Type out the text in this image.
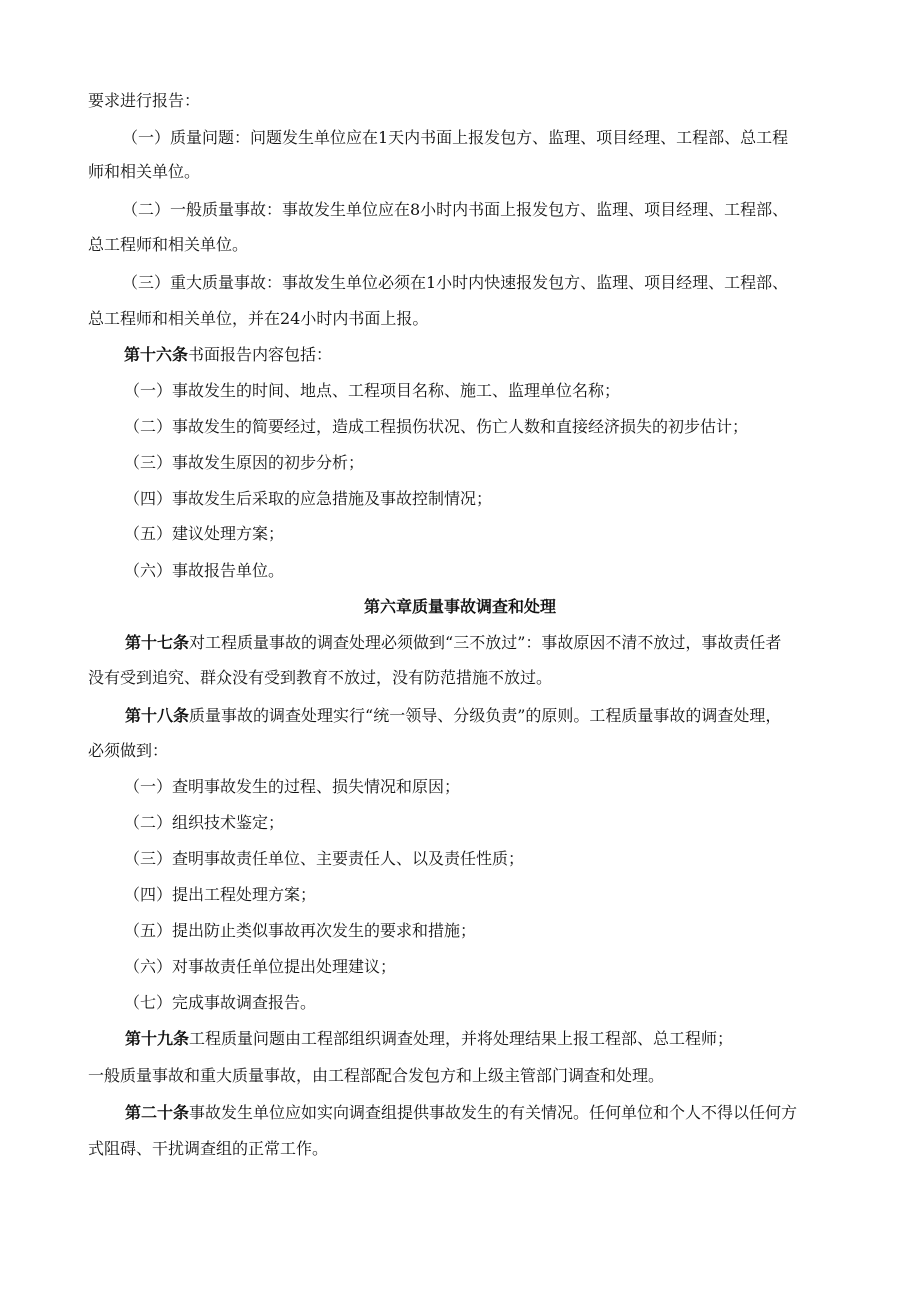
要求进行报告：
（一）质量问题：问题发生单位应在1天内书面上报发包方、监理、项目经理、工程部、总工程
师和相关单位。
（二）一般质量事故：事故发生单位应在8小时内书面上报发包方、监理、项目经理、工程部、
总工程师和相关单位。
（三）重大质量事故：事故发生单位必须在1小时内快速报发包方、监理、项目经理、工程部、
总工程师和相关单位，并在24小时内书面上报。
第十六条书面报告内容包括：
（一）事故发生的时间、地点、工程项目名称、施工、监理单位名称；
（二）事故发生的简要经过，造成工程损伤状况、伤亡人数和直接经济损失的初步估计；
（三）事故发生原因的初步分析；
（四）事故发生后采取的应急措施及事故控制情况；
（五）建议处理方案；
（六）事故报告单位。
第六章质量事故调查和处理
第十七条对工程质量事故的调查处理必须做到“三不放过”：事故原因不清不放过，事故责任者
没有受到追究、群众没有受到教育不放过，没有防范措施不放过。
第十八条质量事故的调查处理实行“统一领导、分级负责”的原则。工程质量事故的调查处理，
必须做到：
（一）查明事故发生的过程、损失情况和原因；
（二）组织技术鉴定；
（三）查明事故责任单位、主要责任人、以及责任性质；
（四）提出工程处理方案；
（五）提出防止类似事故再次发生的要求和措施；
（六）对事故责任单位提出处理建议；
（七）完成事故调查报告。
第十九条工程质量问题由工程部组织调查处理，并将处理结果上报工程部、总工程师；
一般质量事故和重大质量事故，由工程部配合发包方和上级主管部门调查和处理。
第二十条事故发生单位应如实向调查组提供事故发生的有关情况。任何单位和个人不得以任何方
式阻碍、干扰调查组的正常工作。
